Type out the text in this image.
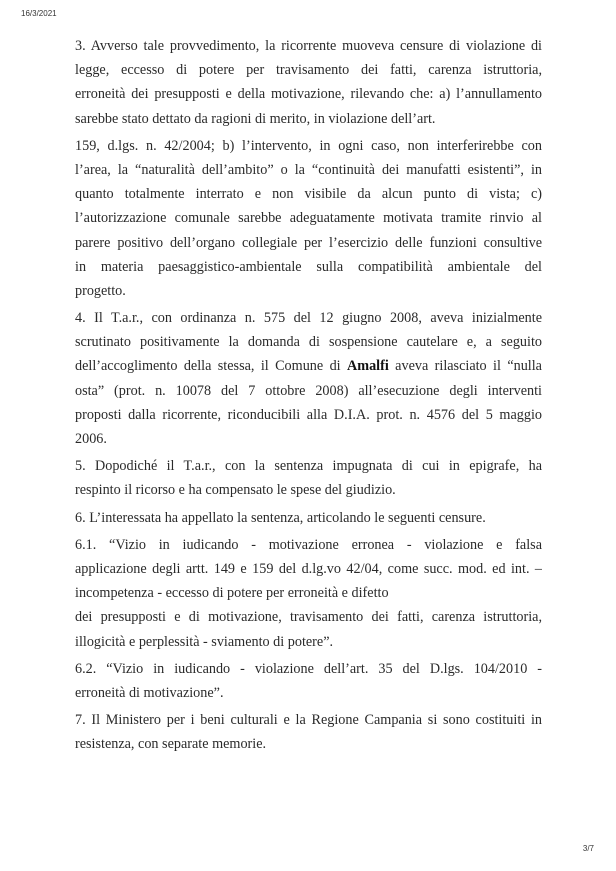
16/3/2021
3. Avverso tale provvedimento, la ricorrente muoveva censure di violazione di
legge, eccesso di potere per travisamento dei fatti, carenza istruttoria,
erroneità dei presupposti e della motivazione, rilevando che: a) l’annullamento
sarebbe stato dettato da ragioni di merito, in violazione dell’art.
159, d.lgs. n. 42/2004; b) l’intervento, in ogni caso, non interferirebbe con
l’area, la “naturalità dell’ambito” o la “continuità dei manufatti esistenti”, in
quanto totalmente interrato e non visibile da alcun punto di vista; c)
l’autorizzazione comunale sarebbe adeguatamente motivata tramite rinvio al
parere positivo dell’organo collegiale per l’esercizio delle funzioni consultive
in materia paesaggistico-ambientale sulla compatibilità ambientale del
progetto.
4. Il T.a.r., con ordinanza n. 575 del 12 giugno 2008, aveva inizialmente
scrutinato positivamente la domanda di sospensione cautelare e, a seguito
dell’accoglimento della stessa, il Comune di Amalfi aveva rilasciato il “nulla
osta” (prot. n. 10078 del 7 ottobre 2008) all’esecuzione degli interventi
proposti dalla ricorrente, riconducibili alla D.I.A. prot. n. 4576 del 5 maggio
2006.
5. Dopodiché il T.a.r., con la sentenza impugnata di cui in epigrafe, ha
respinto il ricorso e ha compensato le spese del giudizio.
6. L’interessata ha appellato la sentenza, articolando le seguenti censure.
6.1. “Vizio in iudicando - motivazione erronea - violazione e falsa
applicazione degli artt. 149 e 159 del d.lg.vo 42/04, come succ. mod. ed int. –
incompetenza - eccesso di potere per erroneità e difetto
dei presupposti e di motivazione, travisamento dei fatti, carenza istruttoria,
illogicità e perplessità - sviamento di potere”.
6.2. “Vizio in iudicando - violazione dell’art. 35 del D.lgs. 104/2010 -
erroneità di motivazione”.
7. Il Ministero per i beni culturali e la Regione Campania si sono costituiti in
resistenza, con separate memorie.
3/7
